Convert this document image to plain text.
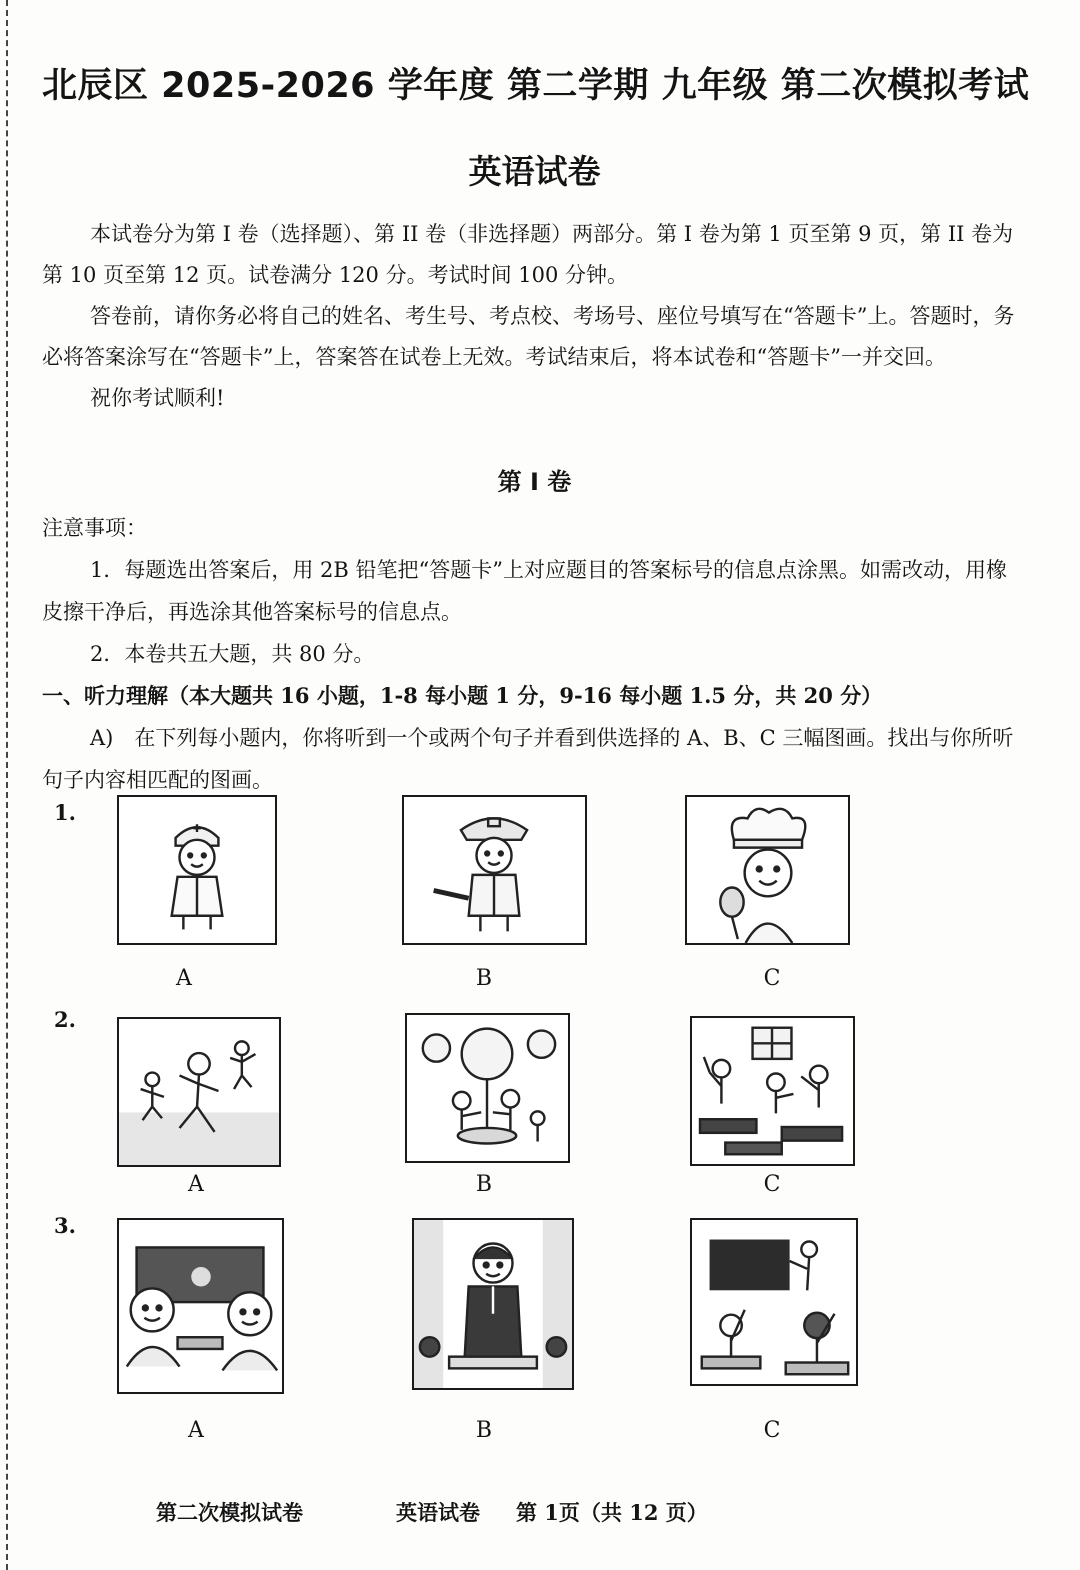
北辰区 2025-2026 学年度 第二学期 九年级 第二次模拟考试
英语试卷

本试卷分为第 I 卷（选择题）、第 II 卷（非选择题）两部分。第 I 卷为第 1 页至第 9 页，第 II 卷为第 10 页至第 12 页。试卷满分 120 分。考试时间 100 分钟。

答卷前，请你务必将自己的姓名、考生号、考点校、考场号、座位号填写在“答题卡”上。答题时，务必将答案涂写在“答题卡”上，答案答在试卷上无效。考试结束后，将本试卷和“答题卡”一并交回。

祝你考试顺利!

第 I 卷

注意事项：

1．每题选出答案后，用 2B 铅笔把“答题卡”上对应题目的答案标号的信息点涂黑。如需改动，用橡皮擦干净后，再选涂其他答案标号的信息点。

2．本卷共五大题，共 80 分。

一、听力理解（本大题共 16 小题，1-8 每小题 1 分，9-16 每小题 1.5 分，共 20 分）

A)　在下列每小题内，你将听到一个或两个句子并看到供选择的 A、B、C 三幅图画。找出与你所听句子内容相匹配的图画。

1.
A	B	C
2.
A	B	C
3.
A	B	C
第二次模拟试卷	英语试卷 第 1页（共 12 页）
